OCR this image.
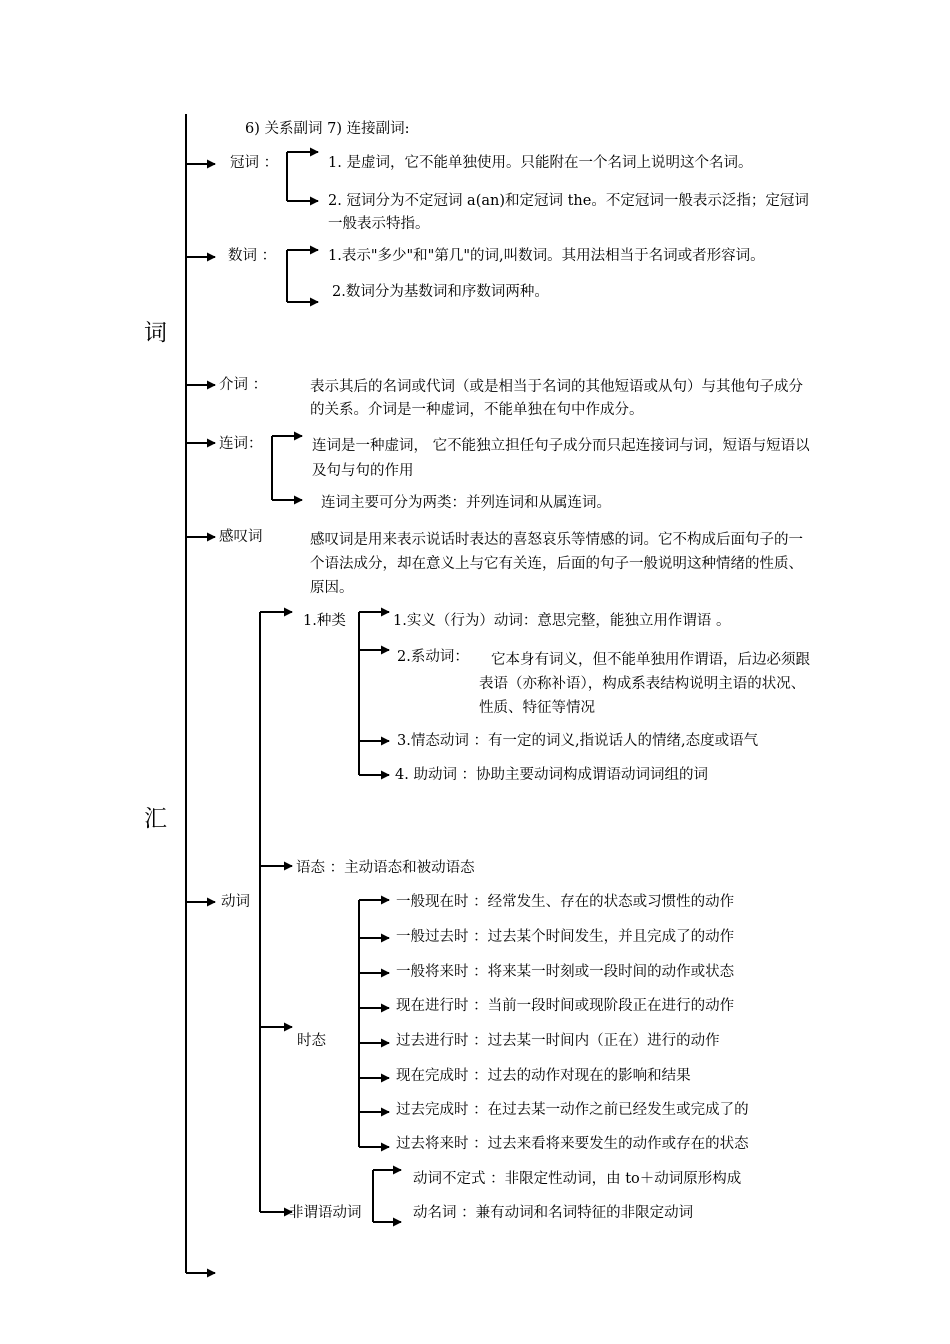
词
汇
6) 关系副词 7) 连接副词:
冠词 ：	1. 是虚词，它不能单独使用。只能附在一个名词上说明这个名词。
2. 冠词分为不定冠词 a(an)和定冠词 the。不定冠词一般表示泛指；定冠词一般表示特指。
数词 ：	1.表示"多少"和"第几"的词,叫数词。其用法相当于名词或者形容词。
2.数词分为基数词和序数词两种。
介词 ：	表示其后的名词或代词（或是相当于名词的其他短语或从句）与其他句子成分的关系。介词是一种虚词，不能单独在句中作成分。
连词：	连词是一种虚词， 它不能独立担任句子成分而只起连接词与词，短语与短语以及句与句的作用
连词主要可分为两类：并列连词和从属连词。
感叹词	感叹词是用来表示说话时表达的喜怒哀乐等情感的词。它不构成后面句子的一个语法成分，却在意义上与它有关连，后面的句子一般说明这种情绪的性质、原因。
动词
1.种类	1.实义（行为）动词：意思完整，能独立用作谓语 。
2.系动词：	它本身有词义，但不能单独用作谓语，后边必须跟表语（亦称补语），构成系表结构说明主语的状况、性质、特征等情况
3.情态动词 ：有一定的词义,指说话人的情绪,态度或语气
4. 助动词 ：协助主要动词构成谓语动词词组的词
语态 ：主动语态和被动语态
时态
一般现在时 ：经常发生、存在的状态或习惯性的动作
一般过去时 ：过去某个时间发生，并且完成了的动作
一般将来时 ：将来某一时刻或一段时间的动作或状态
现在进行时 ：当前一段时间或现阶段正在进行的动作
过去进行时 ：过去某一时间内（正在）进行的动作
现在完成时 ：过去的动作对现在的影响和结果
过去完成时 ：在过去某一动作之前已经发生或完成了的
过去将来时 ：过去来看将来要发生的动作或存在的状态
非谓语动词
动词不定式 ：非限定性动词，由 to＋动词原形构成
动名词 ：兼有动词和名词特征的非限定动词
